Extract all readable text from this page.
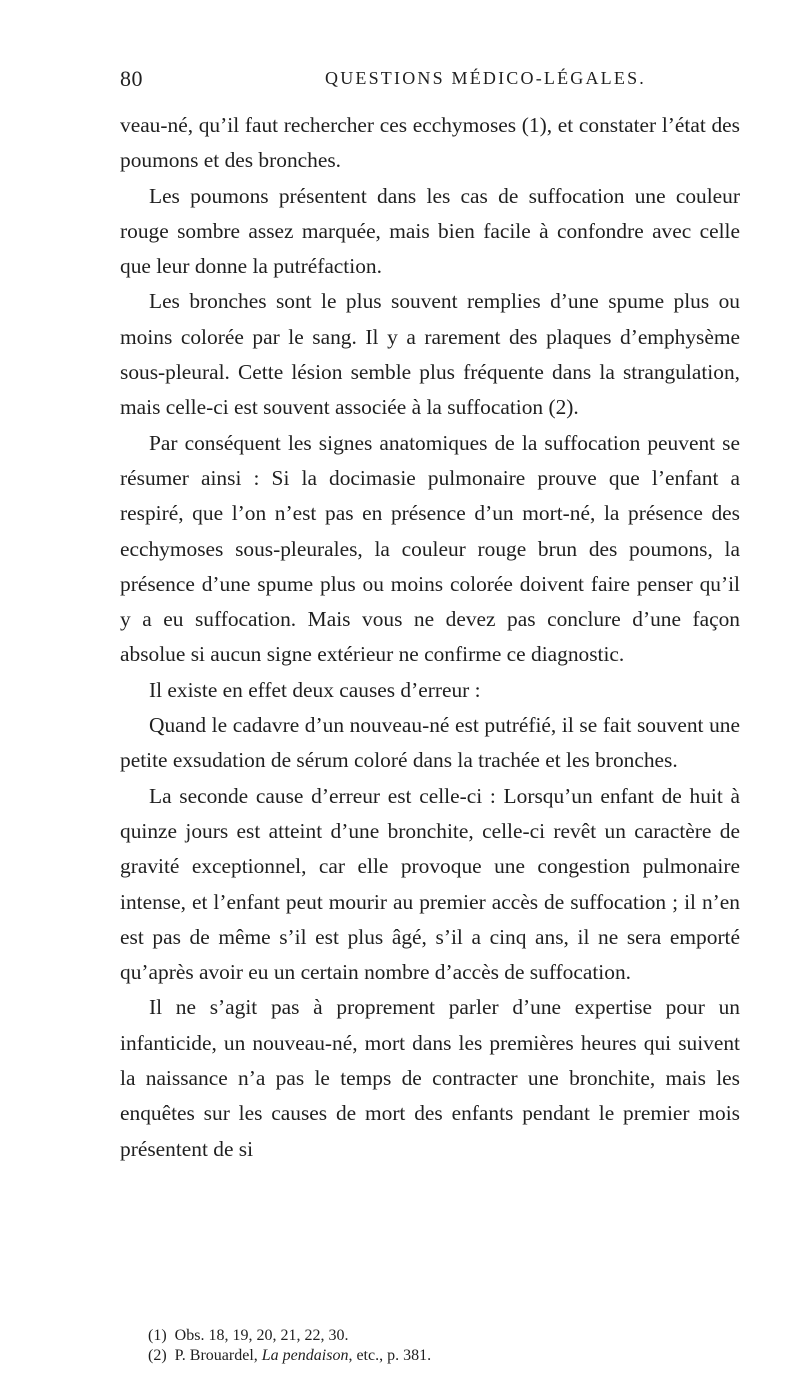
80	QUESTIONS MÉDICO-LÉGALES.

veau-né, qu’il faut rechercher ces ecchymoses (1), et constater l’état des poumons et des bronches.

Les poumons présentent dans les cas de suffocation une couleur rouge sombre assez marquée, mais bien facile à confondre avec celle que leur donne la putréfaction.

Les bronches sont le plus souvent remplies d’une spume plus ou moins colorée par le sang. Il y a rarement des plaques d’emphysème sous-pleural. Cette lésion semble plus fréquente dans la strangulation, mais celle-ci est souvent associée à la suffocation (2).

Par conséquent les signes anatomiques de la suffocation peuvent se résumer ainsi : Si la docimasie pulmonaire prouve que l’enfant a respiré, que l’on n’est pas en présence d’un mort-né, la présence des ecchymoses sous-pleurales, la couleur rouge brun des poumons, la présence d’une spume plus ou moins colorée doivent faire penser qu’il y a eu suffocation. Mais vous ne devez pas conclure d’une façon absolue si aucun signe extérieur ne confirme ce diagnostic.

Il existe en effet deux causes d’erreur :

Quand le cadavre d’un nouveau-né est putréfié, il se fait souvent une petite exsudation de sérum coloré dans la trachée et les bronches.

La seconde cause d’erreur est celle-ci : Lorsqu’un enfant de huit à quinze jours est atteint d’une bronchite, celle-ci revêt un caractère de gravité exceptionnel, car elle provoque une congestion pulmonaire intense, et l’enfant peut mourir au premier accès de suffocation ; il n’en est pas de même s’il est plus âgé, s’il a cinq ans, il ne sera emporté qu’après avoir eu un certain nombre d’accès de suffocation.

Il ne s’agit pas à proprement parler d’une expertise pour un infanticide, un nouveau-né, mort dans les premières heures qui suivent la naissance n’a pas le temps de contracter une bronchite, mais les enquêtes sur les causes de mort des enfants pendant le premier mois présentent de si

(1) Obs. 18, 19, 20, 21, 22, 30.

(2) P. Brouardel, La pendaison, etc., p. 381.
